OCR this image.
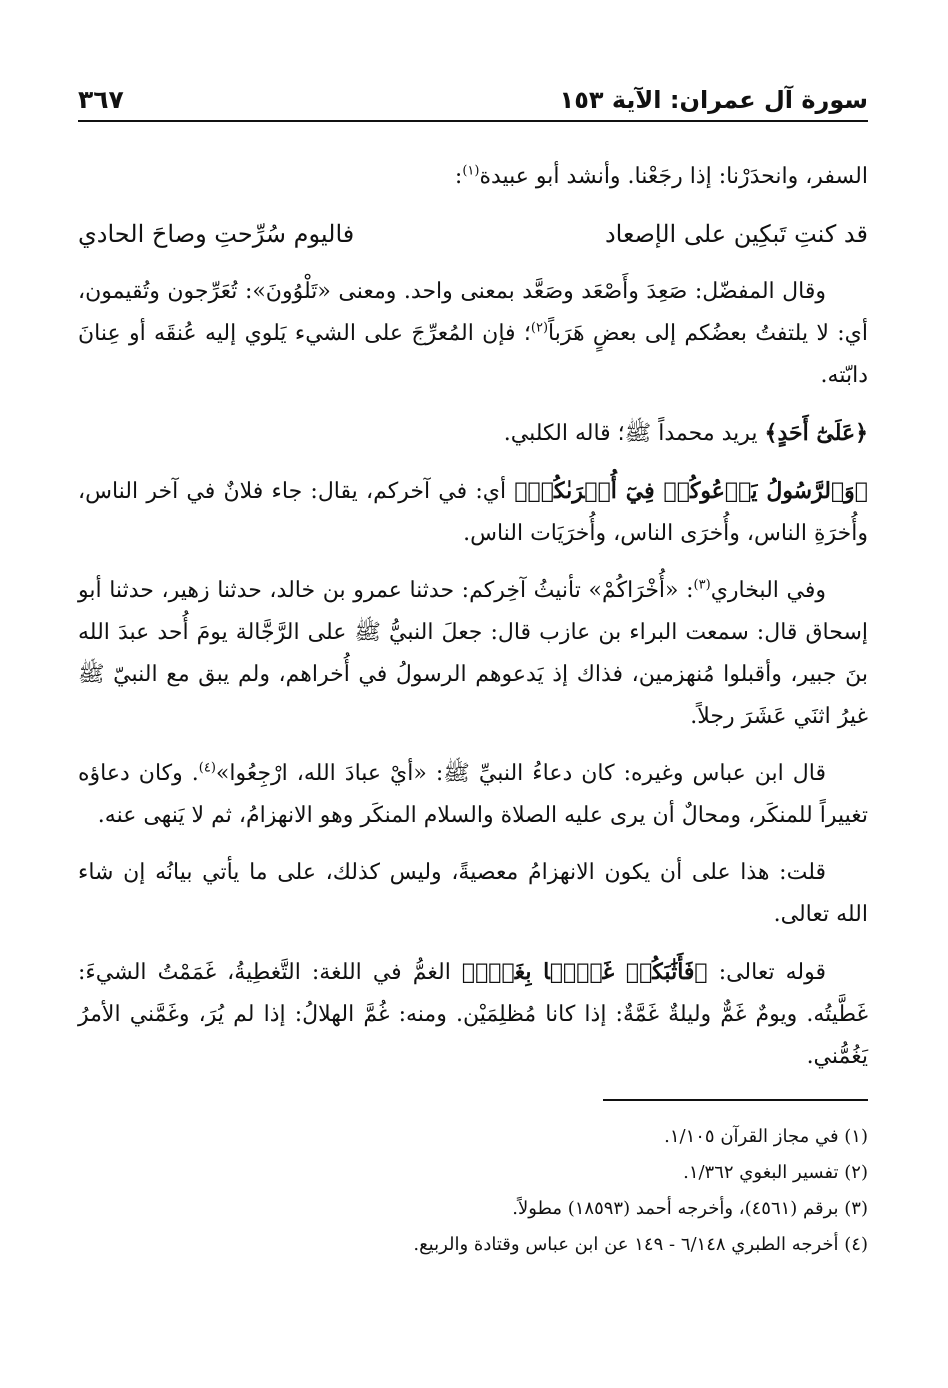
سورة آل عمران: الآية ١٥٣
٣٦٧

السفر، وانحدَرْنا: إذا رجَعْنا. وأنشد أبو عبيدة$^{(١)}$:

قد كنتِ تَبكِين على الإصعاد
فاليوم سُرِّحتِ وصاحَ الحادي

وقال المفضّل: صَعِدَ وأَصْعَد وصَعَّد بمعنى واحد. ومعنى «تَلْوُونَ»: تُعَرِّجون وتُقيمون، أي: لا يلتفتُ بعضُكم إلى بعضٍ هَرَباً$^{(٢)}$؛ فإن المُعرِّجَ على الشيء يَلوي إليه عُنقَه أو عِنانَ دابّته.

﴿عَلَىٰٓ أَحَدٍ﴾ يريد محمداً ﷺ؛ قاله الكلبي.

﴿وَٱلرَّسُولُ يَدۡعُوكُمۡ فِيٓ أُخۡرَىٰكُمۡ﴾ أي: في آخركم، يقال: جاء فلانٌ في آخر الناس، وأُخرَةِ الناس، وأُخرَى الناس، وأُخرَيَات الناس.

وفي البخاري$^{(٣)}$: «أُخْرَاكُمْ» تأنيثُ آخِركم: حدثنا عمرو بن خالد، حدثنا زهير، حدثنا أبو إسحاق قال: سمعت البراء بن عازب قال: جعلَ النبيُّ ﷺ على الرَّجَّالة يومَ أُحد عبدَ الله بنَ جبير، وأقبلوا مُنهزمين، فذاك إذ يَدعوهم الرسولُ في أُخراهم، ولم يبق مع النبيّ ﷺ غيرُ اثنَي عَشَرَ رجلاً.

قال ابن عباس وغيره: كان دعاءُ النبيِّ ﷺ: «أيْ عبادَ الله، ارْجِعُوا»$^{(٤)}$. وكان دعاؤه تغييراً للمنكَر، ومحالٌ أن يرى عليه الصلاة والسلام المنكَر وهو الانهزامُ، ثم لا يَنهى عنه.

قلت: هذا على أن يكون الانهزامُ معصيةً، وليس كذلك، على ما يأتي بيانُه إن شاء الله تعالى.

قوله تعالى: ﴿فَأَثَٰبَكُمۡ غَمَّۢا بِغَمّٖ﴾ الغمُّ في اللغة: التَّغطِيةُ، غَمَمْتُ الشيءَ: غَطَّيتُه. ويومٌ غَمٌّ وليلةٌ غَمَّةٌ: إذا كانا مُظلِمَيْن. ومنه: غُمَّ الهلالُ: إذا لم يُرَ، وغَمَّني الأمرُ يَغُمُّني.

(١) في مجاز القرآن ١/١٠٥.

(٢) تفسير البغوي ١/٣٦٢.

(٣) برقم (٤٥٦١)، وأخرجه أحمد (١٨٥٩٣) مطولاً.

(٤) أخرجه الطبري ٦/١٤٨ - ١٤٩ عن ابن عباس وقتادة والربيع.
